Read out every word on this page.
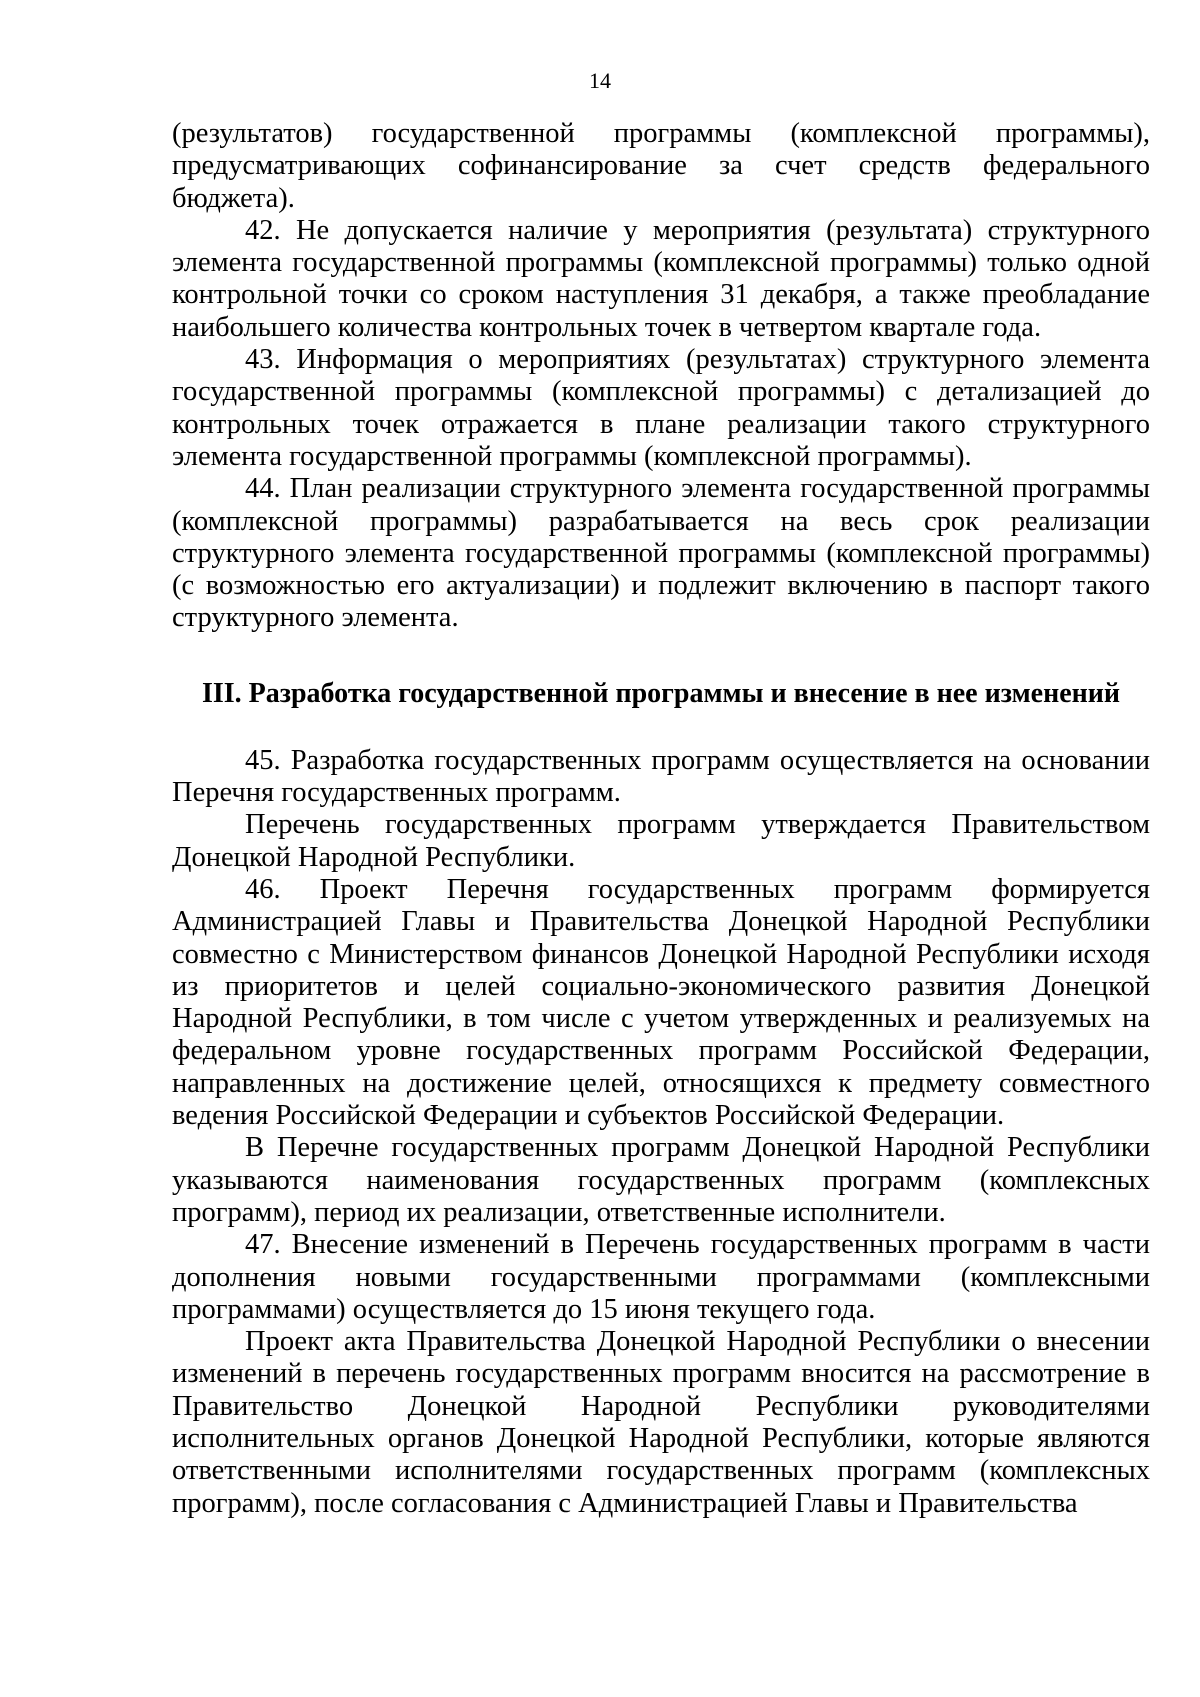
14

(результатов) государственной программы (комплексной программы), предусматривающих софинансирование за счет средств федерального бюджета).

42. Не допускается наличие у мероприятия (результата) структурного элемента государственной программы (комплексной программы) только одной контрольной точки со сроком наступления 31 декабря, а также преобладание наибольшего количества контрольных точек в четвертом квартале года.

43. Информация о мероприятиях (результатах) структурного элемента государственной программы (комплексной программы) с детализацией до контрольных точек отражается в плане реализации такого структурного элемента государственной программы (комплексной программы).

44. План реализации структурного элемента государственной программы (комплексной программы) разрабатывается на весь срок реализации структурного элемента государственной программы (комплексной программы) (с возможностью его актуализации) и подлежит включению в паспорт такого структурного элемента.

III. Разработка государственной программы и внесение в нее изменений

45. Разработка государственных программ осуществляется на основании Перечня государственных программ.

Перечень государственных программ утверждается Правительством Донецкой Народной Республики.

46. Проект Перечня государственных программ формируется Администрацией Главы и Правительства Донецкой Народной Республики совместно с Министерством финансов Донецкой Народной Республики исходя из приоритетов и целей социально-экономического развития Донецкой Народной Республики, в том числе с учетом утвержденных и реализуемых на федеральном уровне государственных программ Российской Федерации, направленных на достижение целей, относящихся к предмету совместного ведения Российской Федерации и субъектов Российской Федерации.

В Перечне государственных программ Донецкой Народной Республики указываются наименования государственных программ (комплексных программ), период их реализации, ответственные исполнители.

47. Внесение изменений в Перечень государственных программ в части дополнения новыми государственными программами (комплексными программами) осуществляется до 15 июня текущего года.

Проект акта Правительства Донецкой Народной Республики о внесении изменений в перечень государственных программ вносится на рассмотрение в Правительство Донецкой Народной Республики руководителями исполнительных органов Донецкой Народной Республики, которые являются ответственными исполнителями государственных программ (комплексных программ), после согласования с Администрацией Главы и Правительства
